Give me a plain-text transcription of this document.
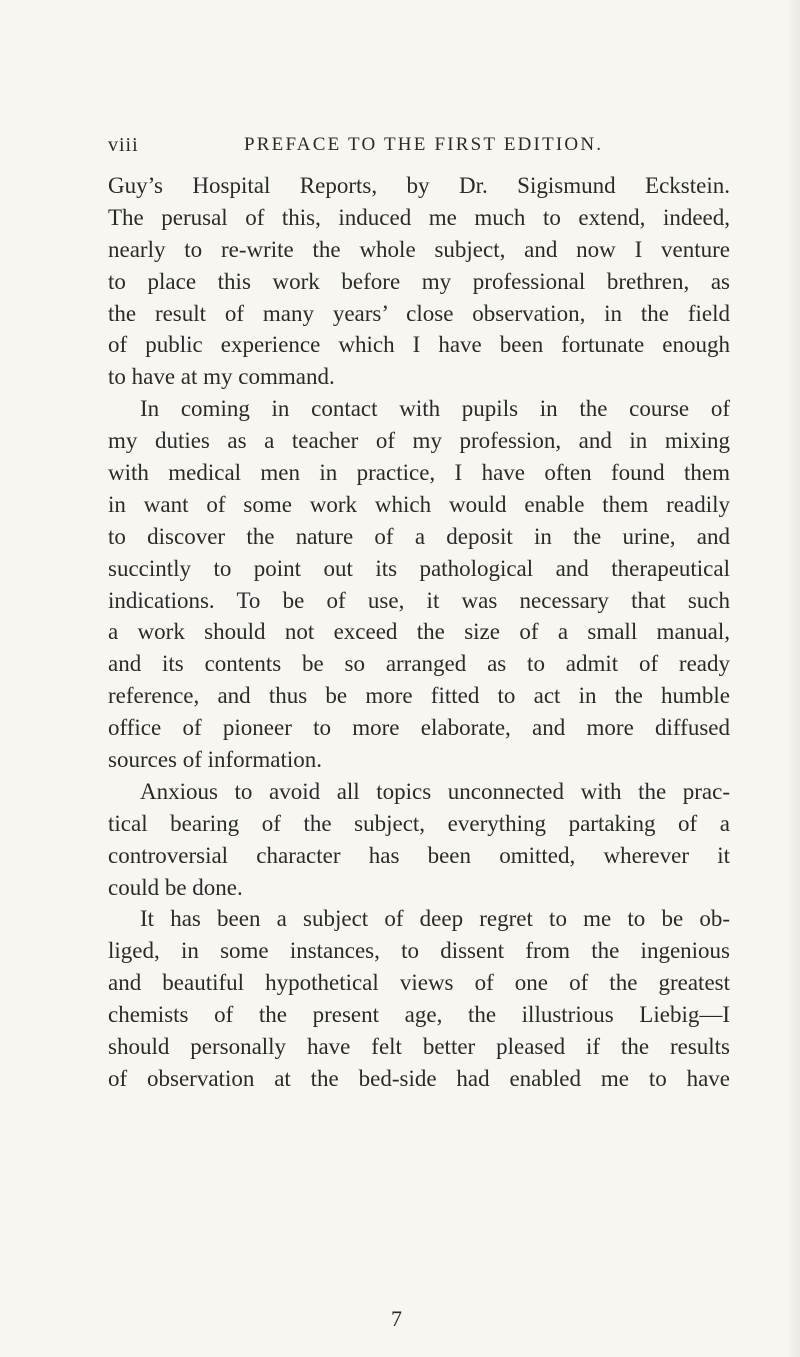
viii	PREFACE TO THE FIRST EDITION.
Guy’s Hospital Reports, by Dr. Sigismund Eckstein.
The perusal of this, induced me much to extend, indeed,
nearly to re-write the whole subject, and now I venture
to place this work before my professional brethren, as
the result of many years’ close observation, in the field
of public experience which I have been fortunate enough
to have at my command.
In coming in contact with pupils in the course of
my duties as a teacher of my profession, and in mixing
with medical men in practice, I have often found them
in want of some work which would enable them readily
to discover the nature of a deposit in the urine, and
succintly to point out its pathological and therapeutical
indications. To be of use, it was necessary that such
a work should not exceed the size of a small manual,
and its contents be so arranged as to admit of ready
reference, and thus be more fitted to act in the humble
office of pioneer to more elaborate, and more diffused
sources of information.
Anxious to avoid all topics unconnected with the prac-
tical bearing of the subject, everything partaking of a
controversial character has been omitted, wherever it
could be done.
It has been a subject of deep regret to me to be ob-
liged, in some instances, to dissent from the ingenious
and beautiful hypothetical views of one of the greatest
chemists of the present age, the illustrious Liebig—I
should personally have felt better pleased if the results
of observation at the bed-side had enabled me to have
7
